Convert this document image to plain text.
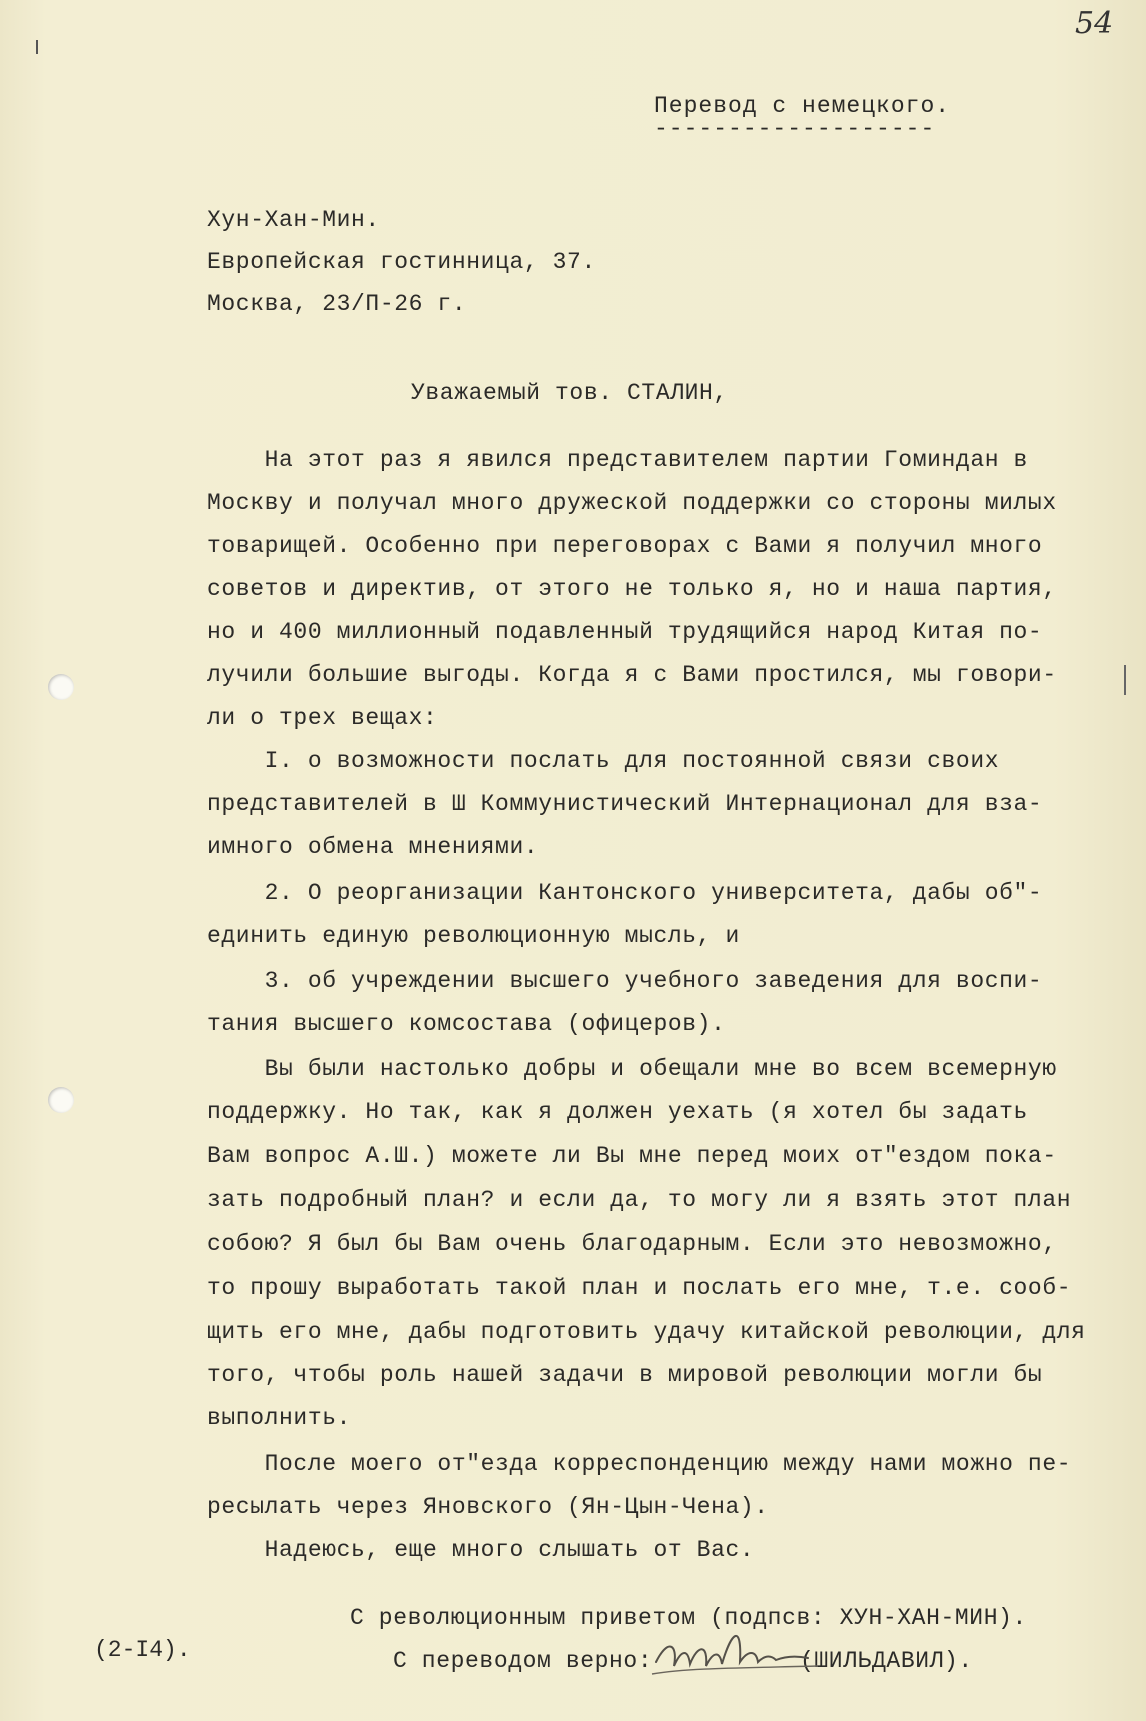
54
Перевод с немецкого.
-------------------
Хун-Хан-Мин.
Европейская гостинница, 37.
Москва, 23/П-26 г.
Уважаемый тов. СТАЛИН,
На этот раз я явился представителем партии Гоминдан в
Москву и получал много дружеской поддержки со стороны милых
товарищей. Особенно при переговорах с Вами я получил много
советов и директив, от этого не только я, но и наша партия,
но и 400 миллионный подавленный трудящийся народ Китая по-
лучили большие выгоды. Когда я с Вами простился, мы говори-
ли о трех вещах:
I. о возможности послать для постоянной связи своих
представителей в Ш Коммунистический Интернационал для вза-
имного обмена мнениями.
2. О реорганизации Кантонского университета, дабы об"-
единить единую революционную мысль, и
3. об учреждении высшего учебного заведения для воспи-
тания высшего комсостава (офицеров).
Вы были настолько добры и обещали мне во всем всемерную
поддержку. Но так, как я должен уехать (я хотел бы задать
Вам вопрос А.Ш.) можете ли Вы мне перед моих от"ездом пока-
зать подробный план? и если да, то могу ли я взять этот план
собою? Я был бы Вам очень благодарным. Если это невозможно,
то прошу выработать такой план и послать его мне, т.е. сооб-
щить его мне, дабы подготовить удачу китайской революции, для
того, чтобы роль нашей задачи в мировой революции могли бы
выполнить.
После моего от"езда корреспонденцию между нами можно пе-
ресылать через Яновского (Ян-Цын-Чена).
Надеюсь, еще много слышать от Вас.
С революционным приветом (подпсв: ХУН-ХАН-МИН).
С переводом верно:	(ШИЛЬДАВИЛ).
(2-I4).
